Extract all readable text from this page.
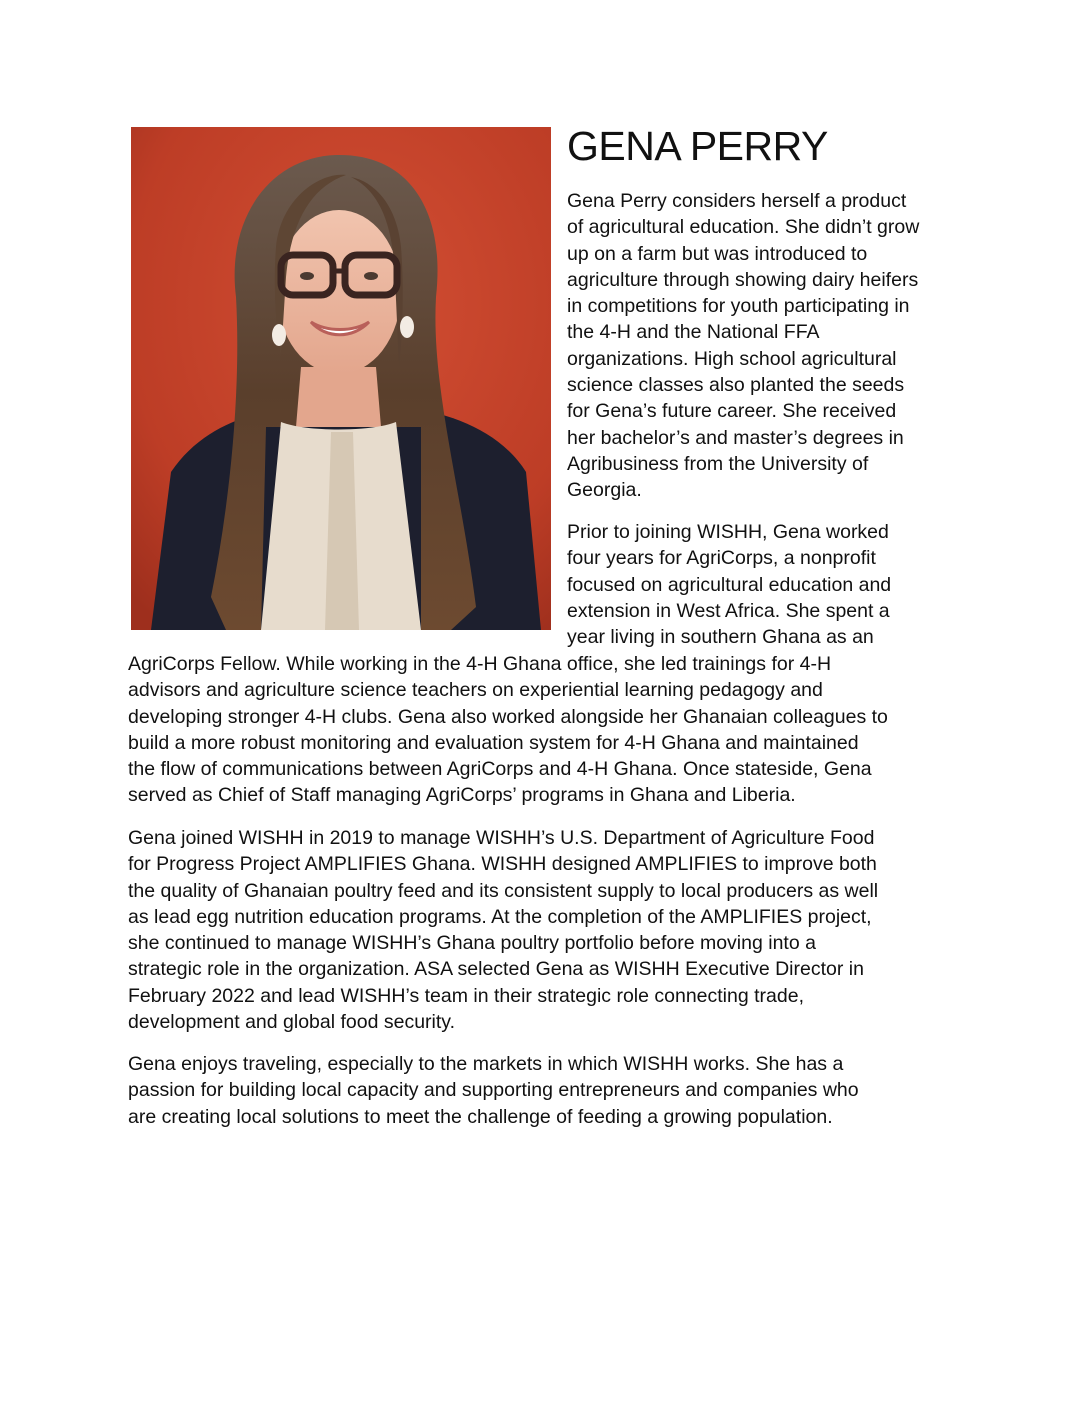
GENA PERRY

Gena Perry considers herself a product
of agricultural education. She didn’t grow
up on a farm but was introduced to
agriculture through showing dairy heifers
in competitions for youth participating in
the 4-H and the National FFA
organizations. High school agricultural
science classes also planted the seeds
for Gena’s future career. She received
her bachelor’s and master’s degrees in
Agribusiness from the University of
Georgia.

Prior to joining WISHH, Gena worked
four years for AgriCorps, a nonprofit
focused on agricultural education and
extension in West Africa. She spent a
year living in southern Ghana as an

AgriCorps Fellow. While working in the 4-H Ghana office, she led trainings for 4-H
advisors and agriculture science teachers on experiential learning pedagogy and
developing stronger 4-H clubs. Gena also worked alongside her Ghanaian colleagues to
build a more robust monitoring and evaluation system for 4-H Ghana and maintained
the flow of communications between AgriCorps and 4-H Ghana. Once stateside, Gena
served as Chief of Staff managing AgriCorps’ programs in Ghana and Liberia.

Gena joined WISHH in 2019 to manage WISHH’s U.S. Department of Agriculture Food
for Progress Project AMPLIFIES Ghana. WISHH designed AMPLIFIES to improve both
the quality of Ghanaian poultry feed and its consistent supply to local producers as well
as lead egg nutrition education programs. At the completion of the AMPLIFIES project,
she continued to manage WISHH’s Ghana poultry portfolio before moving into a
strategic role in the organization. ASA selected Gena as WISHH Executive Director in
February 2022 and lead WISHH’s team in their strategic role connecting trade,
development and global food security.

Gena enjoys traveling, especially to the markets in which WISHH works. She has a
passion for building local capacity and supporting entrepreneurs and companies who
are creating local solutions to meet the challenge of feeding a growing population.
